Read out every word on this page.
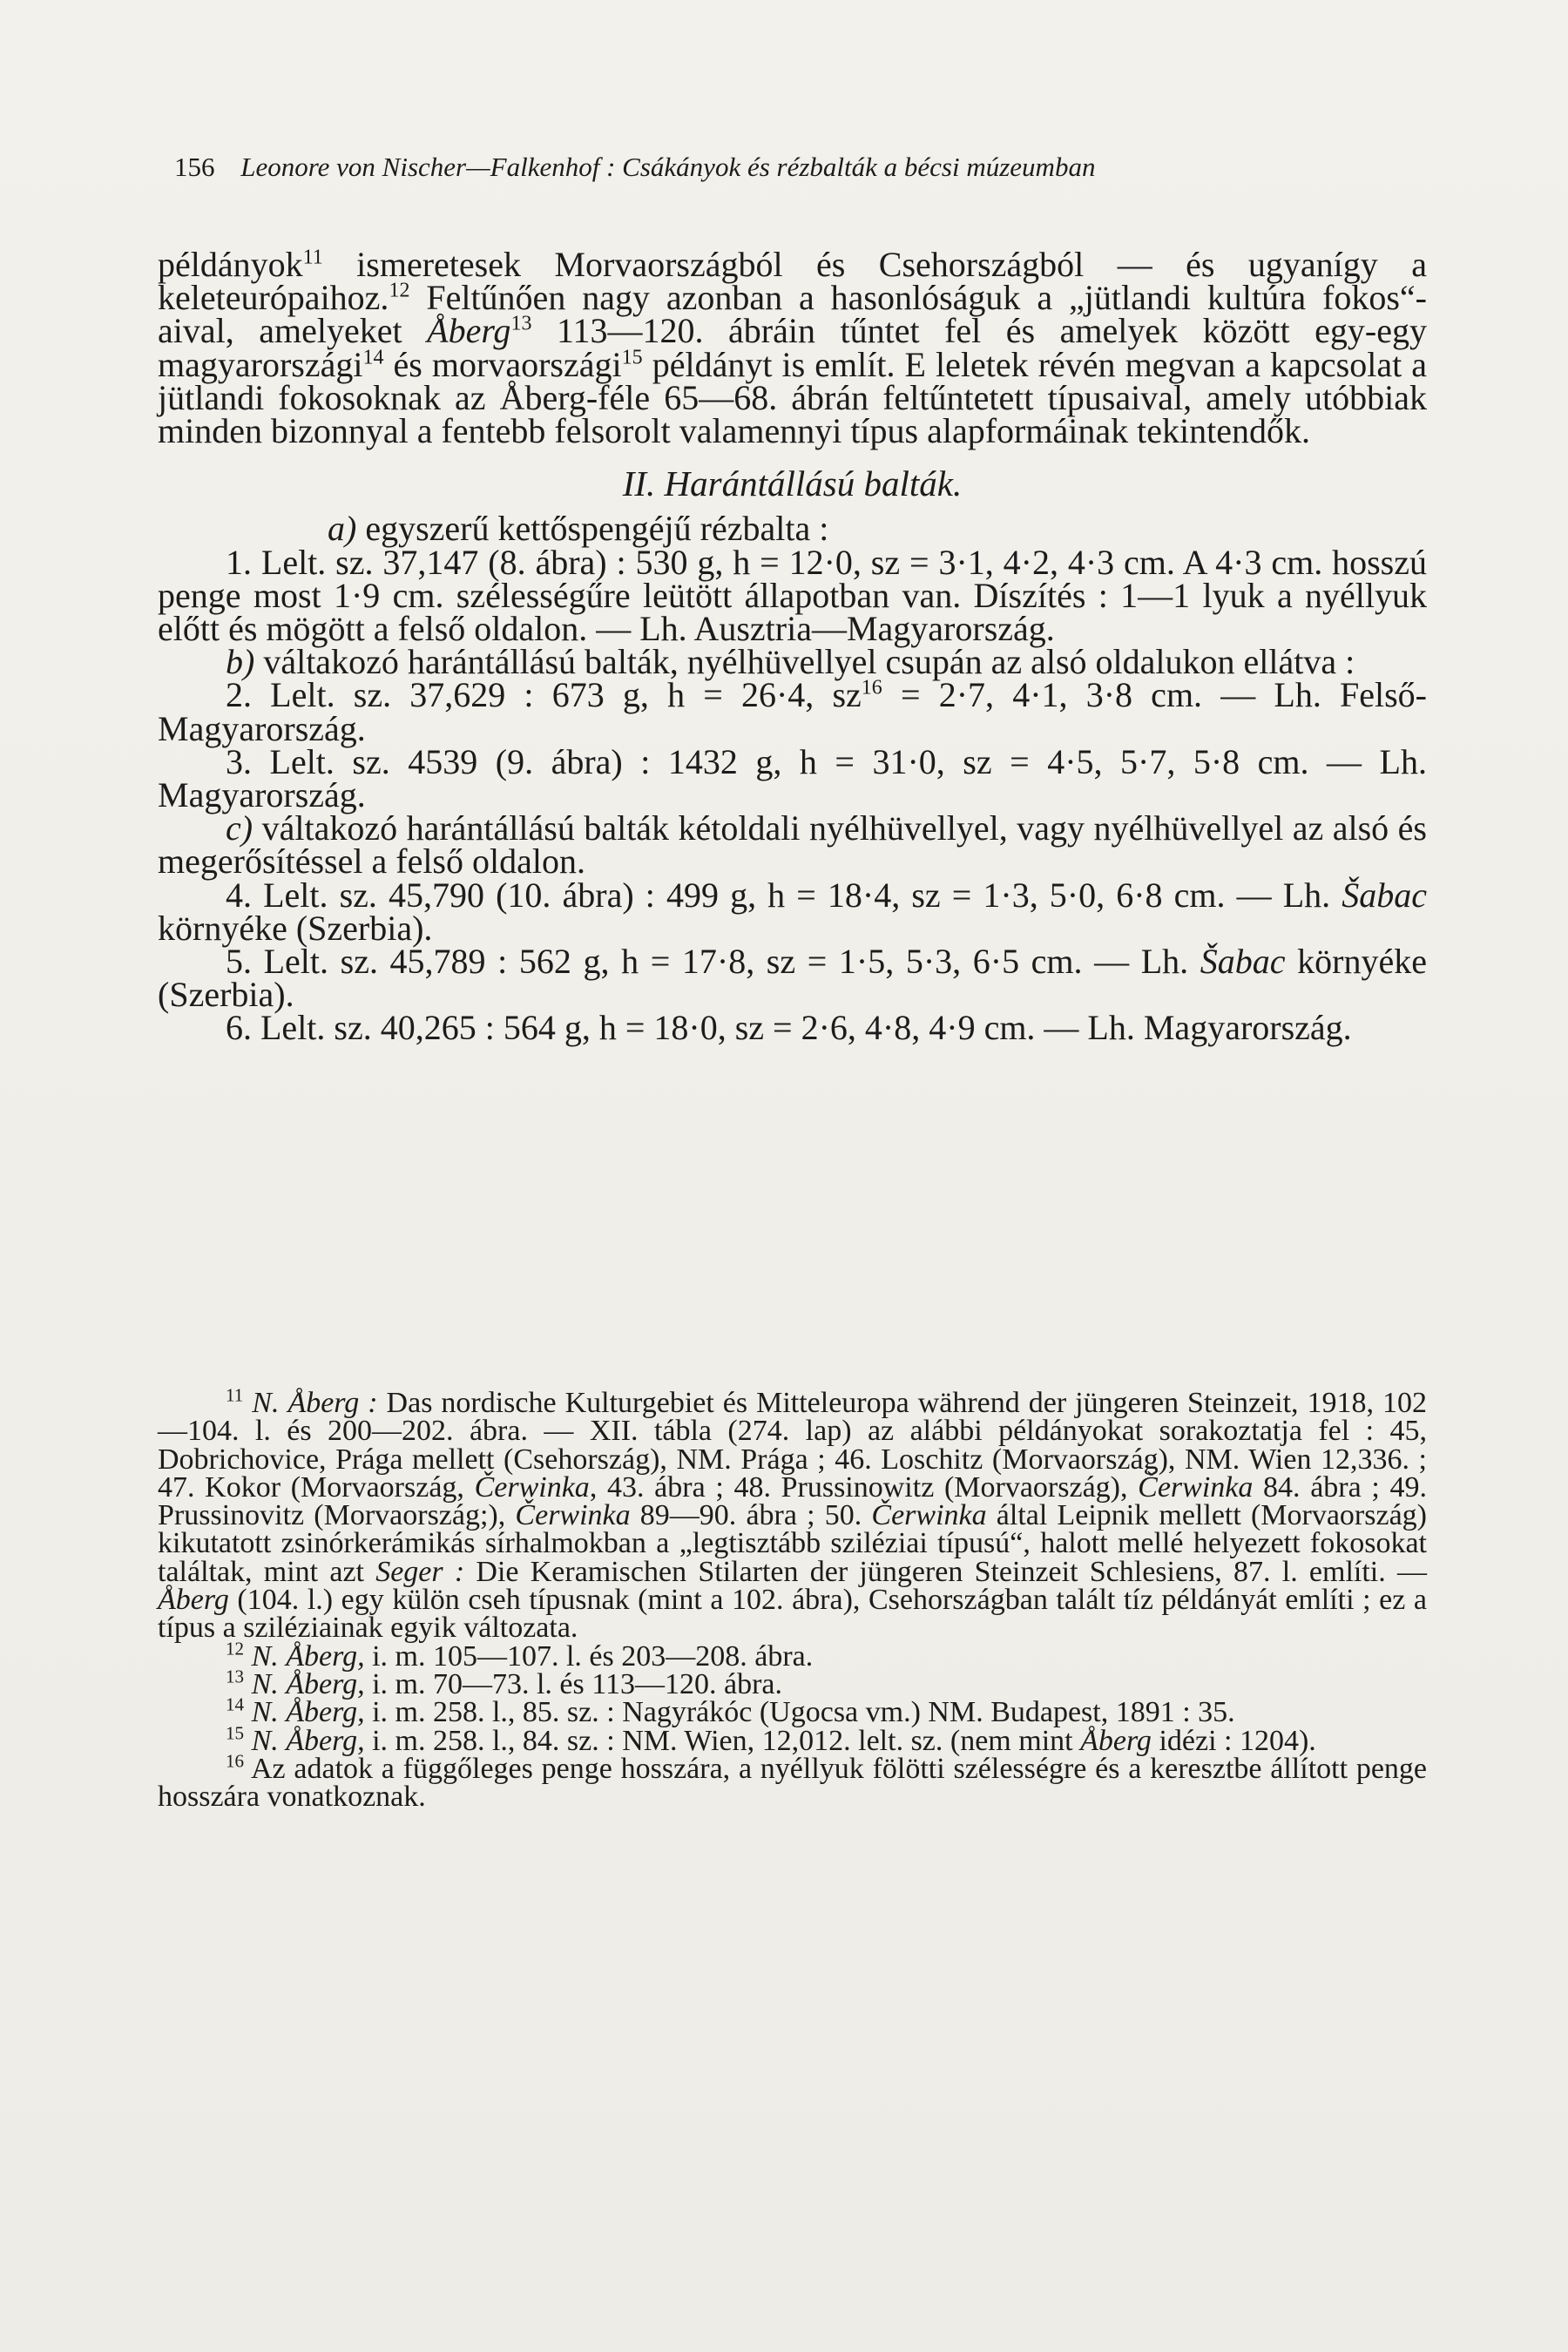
156 Leonore von Nischer—Falkenhof : Csákányok és rézbalták a bécsi múzeumban

példányok$^{11}$ ismeretesek Morvaországból és Csehországból — és ugyanígy a keleteurópaihoz.$^{12}$ Feltűnően nagy azonban a hasonlóságuk a „jütlandi kultúra fokos“-aival, amelyeket Åberg$^{13}$ 113—120. ábráin tűntet fel és amelyek között egy-egy magyarországi$^{14}$ és morvaországi$^{15}$ példányt is említ. E leletek révén megvan a kapcsolat a jütlandi fokosoknak az Åberg-féle 65—68. ábrán feltűntetett típusaival, amely utóbbiak minden bizonnyal a fentebb felsorolt valamennyi típus alapformáinak tekintendők.

II. Harántállású balták.

a) egyszerű kettőspengéjű rézbalta :

1. Lelt. sz. 37,147 (8. ábra) : 530 g, h = 12·0, sz = 3·1, 4·2, 4·3 cm. A 4·3 cm. hosszú penge most 1·9 cm. szélességűre leütött állapotban van. Díszítés : 1—1 lyuk a nyéllyuk előtt és mögött a felső oldalon. — Lh. Ausztria—Magyarország.

b) váltakozó harántállású balták, nyélhüvellyel csupán az alsó oldalukon ellátva :

2. Lelt. sz. 37,629 : 673 g, h = 26·4, $sz^{16} = 2\cdot 7$, 4·1, 3·8 cm. — Lh. Felső-Magyarország.

3. Lelt. sz. 4539 (9. ábra) : 1432 g, h = 31·0, sz = 4·5, 5·7, 5·8 cm. — Lh. Magyarország.

c) váltakozó harántállású balták kétoldali nyélhüvellyel, vagy nyélhüvellyel az alsó és megerősítéssel a felső oldalon.

4. Lelt. sz. 45,790 (10. ábra) : 499 g, h = 18·4, sz = 1·3, 5·0, 6·8 cm. — Lh. Šabac környéke (Szerbia).

5. Lelt. sz. 45,789 : 562 g, h = 17·8, sz = 1·5, 5·3, 6·5 cm. — Lh. Šabac környéke (Szerbia).

6. Lelt. sz. 40,265 : 564 g, h = 18·0, sz = 2·6, 4·8, 4·9 cm. — Lh. Magyarország.

$^{11}$ N. Åberg : Das nordische Kulturgebiet és Mitteleuropa während der jüngeren Steinzeit, 1918, 102—104. l. és 200—202. ábra. — XII. tábla (274. lap) az alábbi példányokat sorakoztatja fel : 45, Dobrichovice, Prága mellett (Csehország), NM. Prága ; 46. Loschitz (Morvaország), NM. Wien 12,336. ; 47. Kokor (Morvaország, Čerwinka, 43. ábra ; 48. Prussinowitz (Morvaország), Čerwinka 84. ábra ; 49. Prussinovitz (Morvaország;), Čerwinka 89—90. ábra ; 50. Čerwinka által Leipnik mellett (Morvaország) kikutatott zsinórkerámikás sírhalmokban a „legtisztább sziléziai típusú“, halott mellé helyezett fokosokat találtak, mint azt Seger : Die Keramischen Stilarten der jüngeren Steinzeit Schlesiens, 87. l. említi. — Åberg (104. l.) egy külön cseh típusnak (mint a 102. ábra), Csehországban talált tíz példányát említi ; ez a típus a sziléziainak egyik változata.

$^{12}$ N. Åberg, i. m. 105—107. l. és 203—208. ábra.

$^{13}$ N. Åberg, i. m. 70—73. l. és 113—120. ábra.

$^{14}$ N. Åberg, i. m. 258. l., 85. sz. : Nagyrákóc (Ugocsa vm.) NM. Budapest, 1891 : 35.

$^{15}$ N. Åberg, i. m. 258. l., 84. sz. : NM. Wien, 12,012. lelt. sz. (nem mint Åberg idézi : 1204).

$^{16}$ Az adatok a függőleges penge hosszára, a nyéllyuk fölötti szélességre és a keresztbe állított penge hosszára vonatkoznak.
